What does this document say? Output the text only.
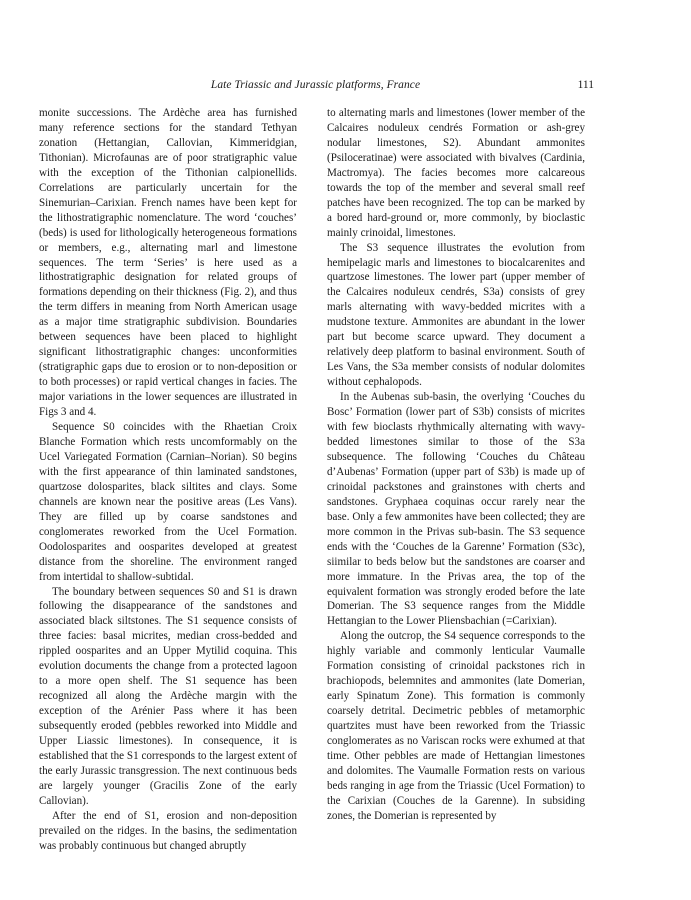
Late Triassic and Jurassic platforms, France	111

monite successions. The Ardèche area has furnished many reference sections for the standard Tethyan zonation (Hettangian, Callovian, Kimmeridgian, Tithonian). Microfaunas are of poor stratigraphic value with the exception of the Tithonian calpionellids. Correlations are particularly uncertain for the Sinemurian–Carixian. French names have been kept for the lithostratigraphic nomenclature. The word ‘couches’ (beds) is used for lithologically heterogeneous formations or members, e.g., alternating marl and limestone sequences. The term ‘Series’ is here used as a lithostratigraphic designation for related groups of formations depending on their thickness (Fig. 2), and thus the term differs in meaning from North American usage as a major time stratigraphic subdivision. Boundaries between sequences have been placed to highlight significant lithostratigraphic changes: unconformities (stratigraphic gaps due to erosion or to non-deposition or to both processes) or rapid vertical changes in facies. The major variations in the lower sequences are illustrated in Figs 3 and 4.

Sequence S0 coincides with the Rhaetian Croix Blanche Formation which rests uncomformably on the Ucel Variegated Formation (Carnian–Norian). S0 begins with the first appearance of thin laminated sandstones, quartzose dolosparites, black siltites and clays. Some channels are known near the positive areas (Les Vans). They are filled up by coarse sandstones and conglomerates reworked from the Ucel Formation. Oodolosparites and oosparites developed at greatest distance from the shoreline. The environment ranged from intertidal to shallow-subtidal.

The boundary between sequences S0 and S1 is drawn following the disappearance of the sandstones and associated black siltstones. The S1 sequence consists of three facies: basal micrites, median cross-bedded and rippled oosparites and an Upper Mytilid coquina. This evolution documents the change from a protected lagoon to a more open shelf. The S1 sequence has been recognized all along the Ardèche margin with the exception of the Arénier Pass where it has been subsequently eroded (pebbles reworked into Middle and Upper Liassic limestones). In consequence, it is established that the S1 corresponds to the largest extent of the early Jurassic transgression. The next continuous beds are largely younger (Gracilis Zone of the early Callovian).

After the end of S1, erosion and non-deposition prevailed on the ridges. In the basins, the sedimentation was probably continuous but changed abruptly

to alternating marls and limestones (lower member of the Calcaires noduleux cendrés Formation or ash-grey nodular limestones, S2). Abundant ammonites (Psiloceratinae) were associated with bivalves (Cardinia, Mactromya). The facies becomes more calcareous towards the top of the member and several small reef patches have been recognized. The top can be marked by a bored hard-ground or, more commonly, by bioclastic mainly crinoidal, limestones.

The S3 sequence illustrates the evolution from hemipelagic marls and limestones to biocalcarenites and quartzose limestones. The lower part (upper member of the Calcaires noduleux cendrés, S3a) consists of grey marls alternating with wavy-bedded micrites with a mudstone texture. Ammonites are abundant in the lower part but become scarce upward. They document a relatively deep platform to basinal environment. South of Les Vans, the S3a member consists of nodular dolomites without cephalopods.

In the Aubenas sub-basin, the overlying ‘Couches du Bosc’ Formation (lower part of S3b) consists of micrites with few bioclasts rhythmically alternating with wavy-bedded limestones similar to those of the S3a subsequence. The following ‘Couches du Château d’Aubenas’ Formation (upper part of S3b) is made up of crinoidal packstones and grainstones with cherts and sandstones. Gryphaea coquinas occur rarely near the base. Only a few ammonites have been collected; they are more common in the Privas sub-basin. The S3 sequence ends with the ‘Couches de la Garenne’ Formation (S3c), siimilar to beds below but the sandstones are coarser and more immature. In the Privas area, the top of the equivalent formation was strongly eroded before the late Domerian. The S3 sequence ranges from the Middle Hettangian to the Lower Pliensbachian (=Carixian).

Along the outcrop, the S4 sequence corresponds to the highly variable and commonly lenticular Vaumalle Formation consisting of crinoidal packstones rich in brachiopods, belemnites and ammonites (late Domerian, early Spinatum Zone). This formation is commonly coarsely detrital. Decimetric pebbles of metamorphic quartzites must have been reworked from the Triassic conglomerates as no Variscan rocks were exhumed at that time. Other pebbles are made of Hettangian limestones and dolomites. The Vaumalle Formation rests on various beds ranging in age from the Triassic (Ucel Formation) to the Carixian (Couches de la Garenne). In subsiding zones, the Domerian is represented by
